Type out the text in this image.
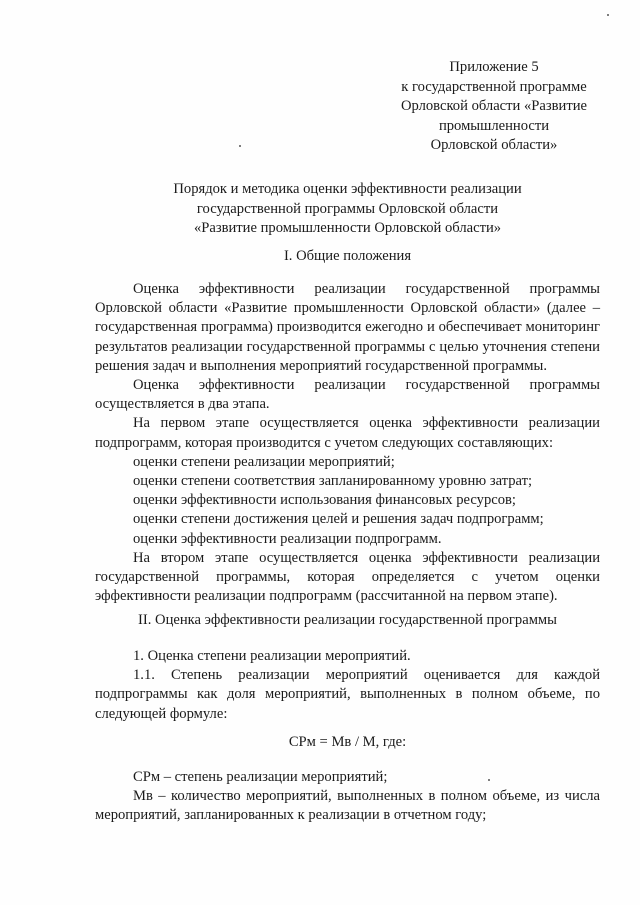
Приложение 5
к государственной программе
Орловской области «Развитие
промышленности
Орловской области»
Порядок и методика оценки эффективности реализации
государственной программы Орловской области
«Развитие промышленности Орловской области»
I. Общие положения

Оценка эффективности реализации государственной программы Орловской области «Развитие промышленности Орловской области» (далее – государственная программа) производится ежегодно и обеспечивает мониторинг результатов реализации государственной программы с целью уточнения степени решения задач и выполнения мероприятий государственной программы.

Оценка эффективности реализации государственной программы осуществляется в два этапа.

На первом этапе осуществляется оценка эффективности реализации подпрограмм, которая производится с учетом следующих составляющих:

оценки степени реализации мероприятий;

оценки степени соответствия запланированному уровню затрат;

оценки эффективности использования финансовых ресурсов;

оценки степени достижения целей и решения задач подпрограмм;

оценки эффективности реализации подпрограмм.

На втором этапе осуществляется оценка эффективности реализации государственной программы, которая определяется с учетом оценки эффективности реализации подпрограмм (рассчитанной на первом этапе).

II. Оценка эффективности реализации государственной программы

1. Оценка степени реализации мероприятий.

1.1. Степень реализации мероприятий оценивается для каждой подпрограммы как доля мероприятий, выполненных в полном объеме, по следующей формуле:

СРм = Мв / М, где:

СРм – степень реализации мероприятий;

Мв – количество мероприятий, выполненных в полном объеме, из числа мероприятий, запланированных к реализации в отчетном году;
